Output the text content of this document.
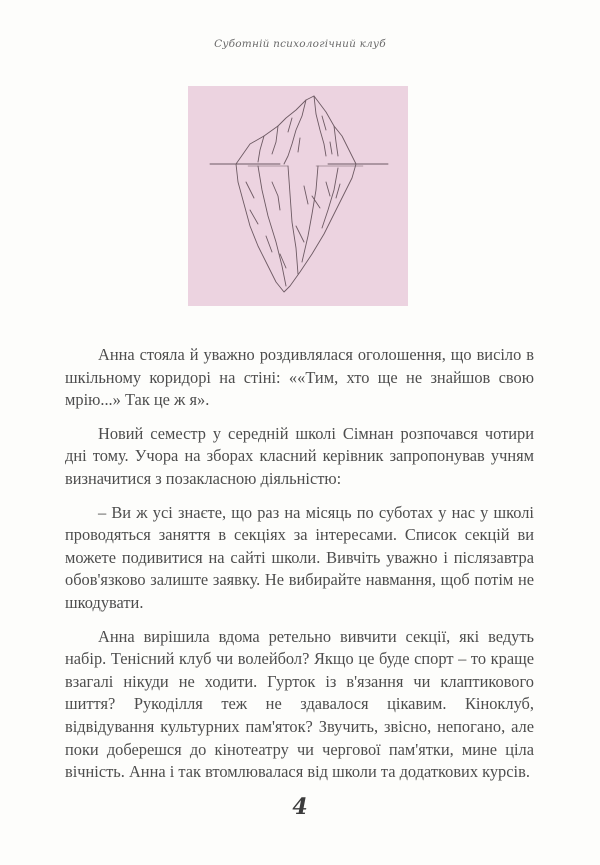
Суботній психологічний клуб

Анна стояла й уважно роздивлялася оголошення, що висіло в шкільному коридорі на стіні: ««Тим, хто ще не знайшов свою мрію...» Так це ж я».

Новий семестр у середній школі Сімнан розпочався чотири дні тому. Учора на зборах класний керівник запропонував учням визначитися з позакласною діяльністю:

– Ви ж усі знаєте, що раз на місяць по суботах у нас у школі проводяться заняття в секціях за інтересами. Список секцій ви можете подивитися на сайті школи. Вивчіть уважно і післязавтра обов'язково залиште заявку. Не вибирайте навмання, щоб потім не шкодувати.

Анна вирішила вдома ретельно вивчити секції, які ведуть набір. Тенісний клуб чи волейбол? Якщо це буде спорт – то краще взагалі нікуди не ходити. Гурток із в'язання чи клаптикового шиття? Рукоділля теж не здавалося цікавим. Кіноклуб, відвідування культурних пам'яток? Звучить, звісно, непогано, але поки доберешся до кінотеатру чи чергової пам'ятки, мине ціла вічність. Анна і так втомлювалася від школи та додаткових курсів.

4
